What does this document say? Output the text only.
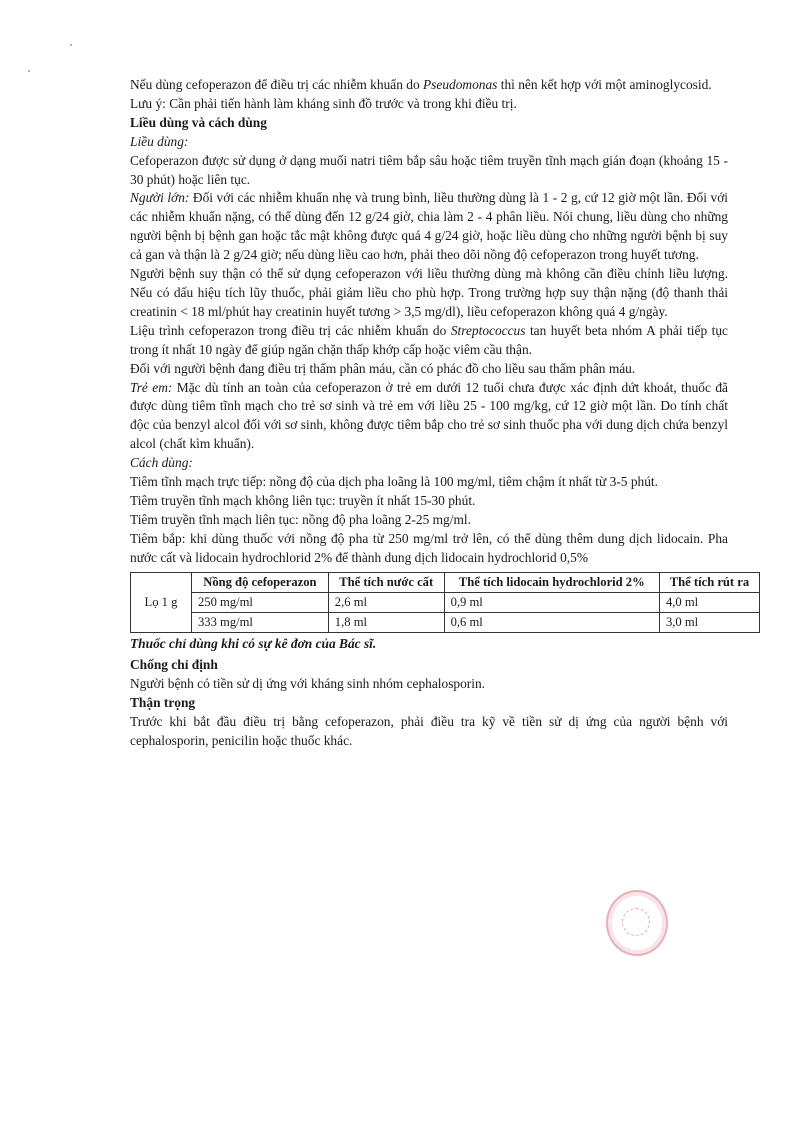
Nếu dùng cefoperazon để điều trị các nhiễm khuẩn do Pseudomonas thì nên kết hợp với một aminoglycosid.

Lưu ý: Cần phải tiến hành làm kháng sinh đồ trước và trong khi điều trị.

Liều dùng và cách dùng

Liều dùng:

Cefoperazon được sử dụng ở dạng muối natri tiêm bắp sâu hoặc tiêm truyền tĩnh mạch gián đoạn (khoảng 15 - 30 phút) hoặc liên tục.

Người lớn: Đối với các nhiễm khuẩn nhẹ và trung bình, liều thường dùng là 1 - 2 g, cứ 12 giờ một lần. Đối với các nhiễm khuẩn nặng, có thể dùng đến 12 g/24 giờ, chia làm 2 - 4 phân liều. Nói chung, liều dùng cho những người bệnh bị bệnh gan hoặc tắc mật không được quá 4 g/24 giờ, hoặc liều dùng cho những người bệnh bị suy cả gan và thận là 2 g/24 giờ; nếu dùng liều cao hơn, phải theo dõi nồng độ cefoperazon trong huyết tương.

Người bệnh suy thận có thể sử dụng cefoperazon với liều thường dùng mà không cần điều chỉnh liều lượng. Nếu có dấu hiệu tích lũy thuốc, phải giảm liều cho phù hợp. Trong trường hợp suy thận nặng (độ thanh thải creatinin < 18 ml/phút hay creatinin huyết tương > 3,5 mg/dl), liều cefoperazon không quá 4 g/ngày.

Liệu trình cefoperazon trong điều trị các nhiễm khuẩn do Streptococcus tan huyết beta nhóm A phải tiếp tục trong ít nhất 10 ngày để giúp ngăn chặn thấp khớp cấp hoặc viêm cầu thận.

Đối với người bệnh đang điều trị thẩm phân máu, cần có phác đồ cho liều sau thẩm phân máu.

Trẻ em: Mặc dù tính an toàn của cefoperazon ở trẻ em dưới 12 tuổi chưa được xác định dứt khoát, thuốc đã được dùng tiêm tĩnh mạch cho trẻ sơ sinh và trẻ em với liều 25 - 100 mg/kg, cứ 12 giờ một lần. Do tính chất độc của benzyl alcol đối với sơ sinh, không được tiêm bắp cho trẻ sơ sinh thuốc pha với dung dịch chứa benzyl alcol (chất kìm khuẩn).

Cách dùng:

Tiêm tĩnh mạch trực tiếp: nồng độ của dịch pha loãng là 100 mg/ml, tiêm chậm ít nhất từ 3-5 phút.

Tiêm truyền tĩnh mạch không liên tục: truyền ít nhất 15-30 phút.

Tiêm truyền tĩnh mạch liên tục: nồng độ pha loãng 2-25 mg/ml.

Tiêm bắp: khi dùng thuốc với nồng độ pha từ 250 mg/ml trở lên, có thể dùng thêm dung dịch lidocain. Pha nước cất và lidocain hydrochlorid 2% để thành dung dịch lidocain hydrochlorid 0,5%

Lọ 1 g	Nồng độ cefoperazon	Thể tích nước cất	Thể tích lidocain hydrochlorid 2%	Thể tích rút ra
	250 mg/ml	2,6 ml	0,9 ml	4,0 ml
	333 mg/ml	1,8 ml	0,6 ml	3,0 ml

Thuốc chỉ dùng khi có sự kê đơn của Bác sĩ.

Chống chỉ định

Người bệnh có tiền sử dị ứng với kháng sinh nhóm cephalosporin.

Thận trọng

Trước khi bắt đầu điều trị bằng cefoperazon, phải điều tra kỹ về tiền sử dị ứng của người bệnh với cephalosporin, penicilin hoặc thuốc khác.
